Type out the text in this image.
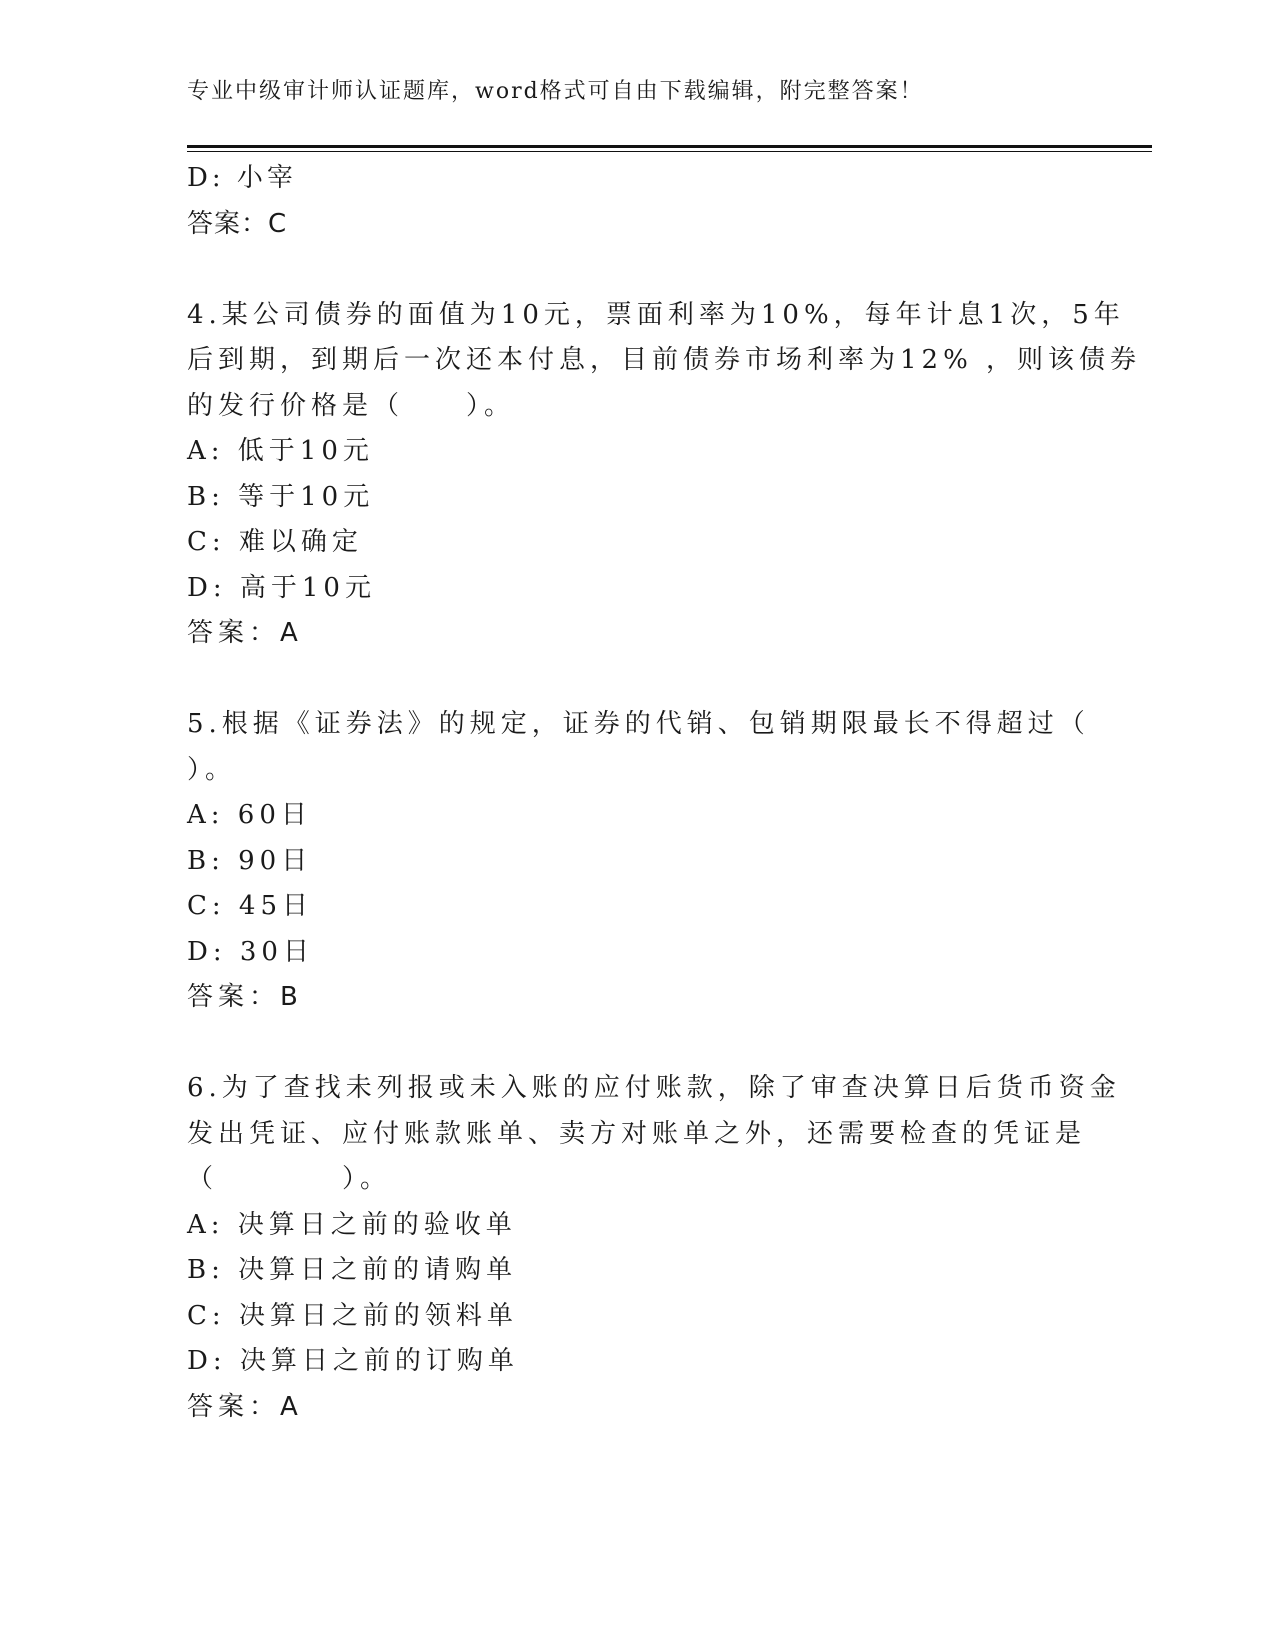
专业中级审计师认证题库，word格式可自由下载编辑，附完整答案！
D: 小宰
答案：C
4.某公司债券的面值为10元，票面利率为10%，每年计息1次，5年
后到期，到期后一次还本付息，目前债券市场利率为12% ，则该债券
的发行价格是（　　）。
A: 低于10元
B: 等于10元
C: 难以确定
D: 高于10元
答案：A
5.根据《证券法》的规定，证券的代销、包销期限最长不得超过（
）。
A: 60日
B: 90日
C: 45日
D: 30日
答案：B
6.为了查找未列报或未入账的应付账款，除了审查决算日后货币资金
发出凭证、应付账款账单、卖方对账单之外，还需要检查的凭证是
（　　　　）。
A: 决算日之前的验收单
B: 决算日之前的请购单
C: 决算日之前的领料单
D: 决算日之前的订购单
答案：A
